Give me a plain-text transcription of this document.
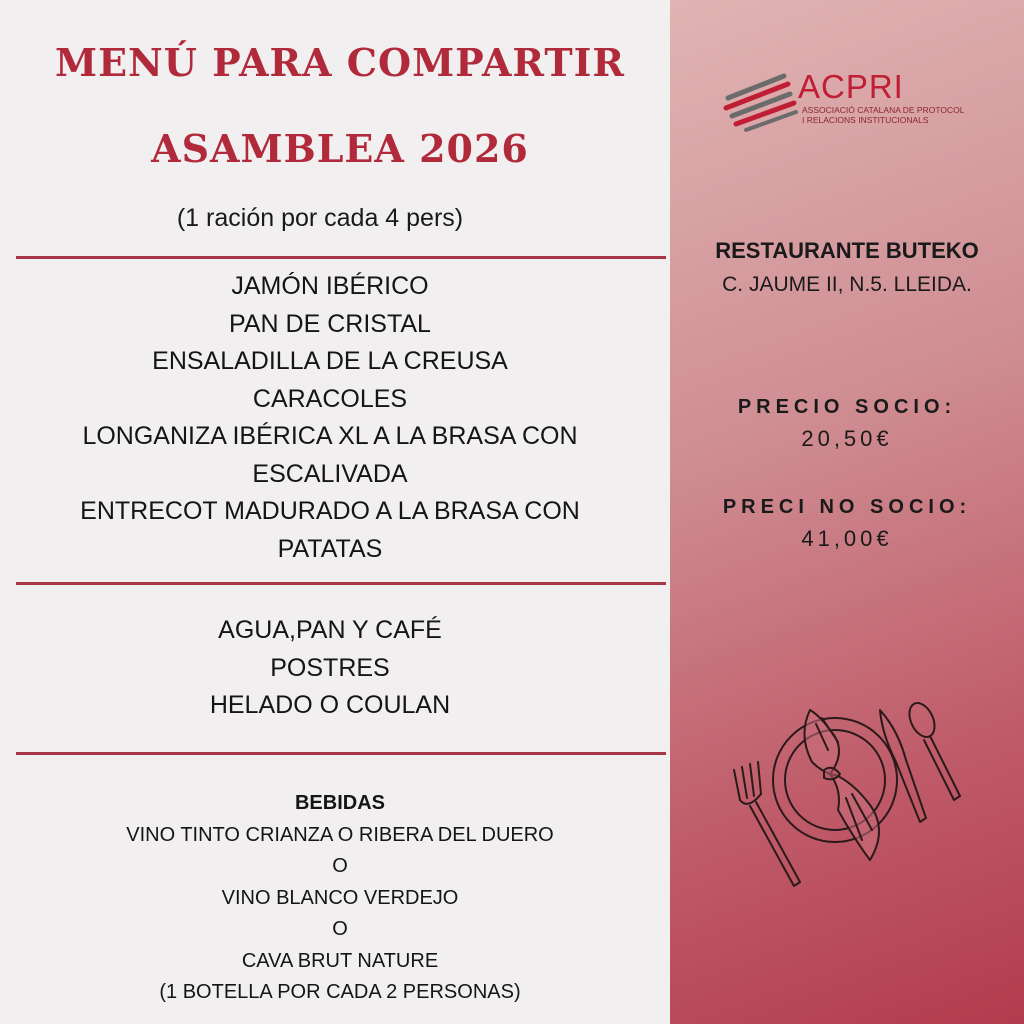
MENÚ PARA COMPARTIR
ASAMBLEA 2026
(1 ración por cada 4 pers)
JAMÓN IBÉRICO
PAN DE CRISTAL
ENSALADILLA DE LA CREUSA
CARACOLES
LONGANIZA IBÉRICA XL A LA BRASA CON
ESCALIVADA
ENTRECOT MADURADO A LA BRASA CON
PATATAS
AGUA,PAN Y CAFÉ
POSTRES
HELADO O COULAN
BEBIDAS
VINO TINTO CRIANZA O RIBERA DEL DUERO
O
VINO BLANCO VERDEJO
O
CAVA BRUT NATURE
(1 BOTELLA POR CADA 2 PERSONAS)
ACPRI
ASSOCIACIÓ CATALANA DE PROTOCOL
I RELACIONS INSTITUCIONALS
RESTAURANTE BUTEKO
C. JAUME II, N.5. LLEIDA.
PRECIO SOCIO:
20,50€
PRECI NO SOCIO:
41,00€
